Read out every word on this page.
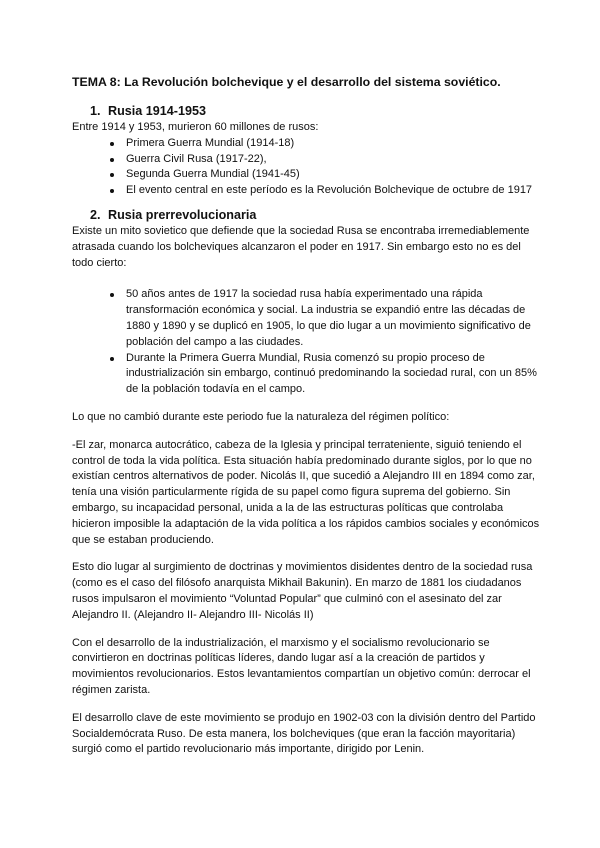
TEMA 8: La Revolución bolchevique y el desarrollo del sistema soviético.
1. Rusia 1914-1953

Entre 1914 y 1953, murieron 60 millones de rusos:

Primera Guerra Mundial (1914-18)
Guerra Civil Rusa (1917-22),
Segunda Guerra Mundial (1941-45)
El evento central en este período es la Revolución Bolchevique de octubre de 1917
2. Rusia prerrevolucionaria

Existe un mito sovietico que defiende que la sociedad Rusa se encontraba irremediablemente atrasada cuando los bolcheviques alcanzaron el poder en 1917. Sin embargo esto no es del todo cierto:

50 años antes de 1917 la sociedad rusa había experimentado una rápida transformación económica y social. La industria se expandió entre las décadas de 1880 y 1890 y se duplicó en 1905, lo que dio lugar a un movimiento significativo de población del campo a las ciudades.
Durante la Primera Guerra Mundial, Rusia comenzó su propio proceso de industrialización sin embargo, continuó predominando la sociedad rural, con un 85% de la población todavía en el campo.

Lo que no cambió durante este periodo fue la naturaleza del régimen político:

-El zar, monarca autocrático, cabeza de la Iglesia y principal terrateniente, siguió teniendo el control de toda la vida política. Esta situación había predominado durante siglos, por lo que no existían centros alternativos de poder. Nicolás II, que sucedió a Alejandro III en 1894 como zar, tenía una visión particularmente rígida de su papel como figura suprema del gobierno. Sin embargo, su incapacidad personal, unida a la de las estructuras políticas que controlaba hicieron imposible la adaptación de la vida política a los rápidos cambios sociales y económicos que se estaban produciendo.

Esto dio lugar al surgimiento de doctrinas y movimientos disidentes dentro de la sociedad rusa (como es el caso del filósofo anarquista Mikhail Bakunin). En marzo de 1881 los ciudadanos rusos impulsaron el movimiento “Voluntad Popular” que culminó con el asesinato del zar Alejandro II. (Alejandro II- Alejandro III- Nicolás II)

Con el desarrollo de la industrialización, el marxismo y el socialismo revolucionario se convirtieron en doctrinas políticas líderes, dando lugar así a la creación de partidos y movimientos revolucionarios. Estos levantamientos compartían un objetivo común: derrocar el régimen zarista.

El desarrollo clave de este movimiento se produjo en 1902-03 con la división dentro del Partido Socialdemócrata Ruso. De esta manera, los bolcheviques (que eran la facción mayoritaria) surgió como el partido revolucionario más importante, dirigido por Lenin.
